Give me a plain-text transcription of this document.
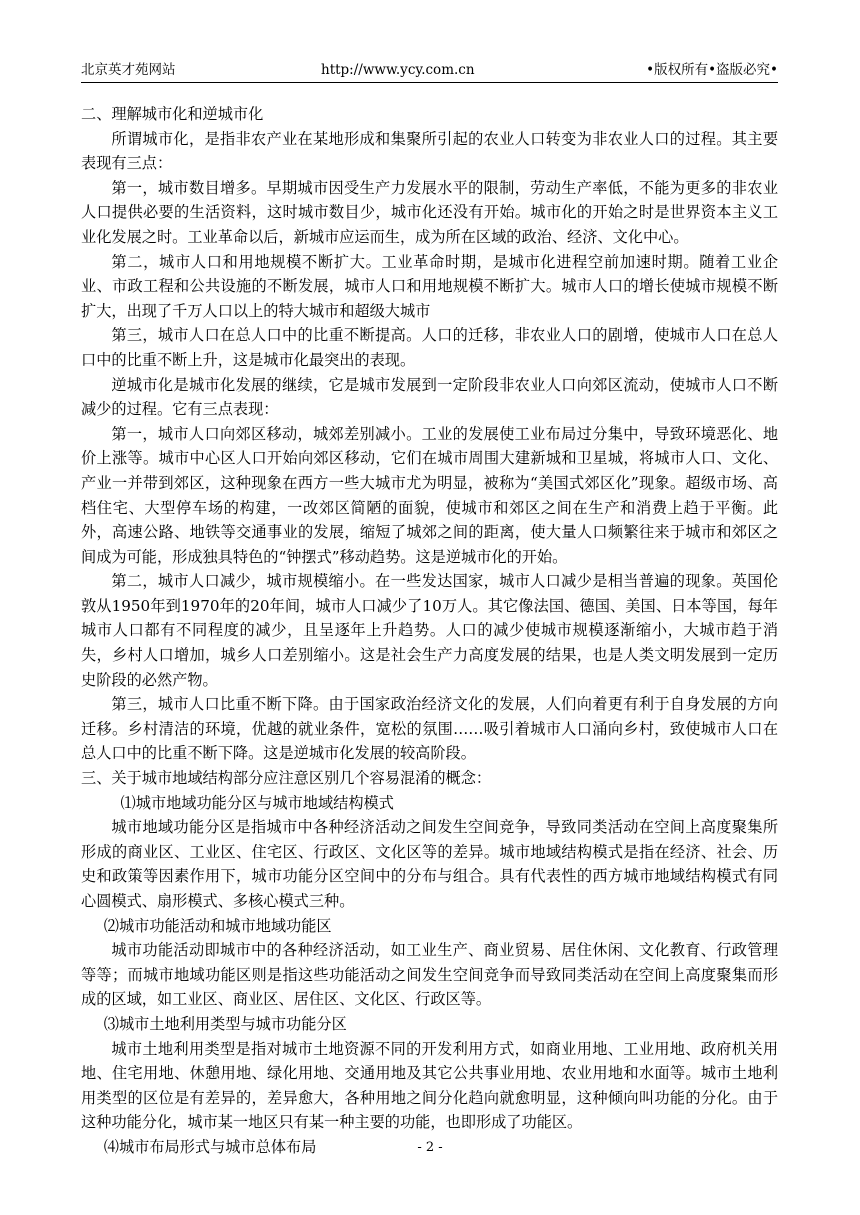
北京英才苑网站	http://www.ycy.com.cn	•版权所有•盗版必究•

二、理解城市化和逆城市化

所谓城市化，是指非农产业在某地形成和集聚所引起的农业人口转变为非农业人口的过程。其主要表现有三点：

第一，城市数目增多。早期城市因受生产力发展水平的限制，劳动生产率低，不能为更多的非农业人口提供必要的生活资料，这时城市数目少，城市化还没有开始。城市化的开始之时是世界资本主义工业化发展之时。工业革命以后，新城市应运而生，成为所在区域的政治、经济、文化中心。

第二，城市人口和用地规模不断扩大。工业革命时期，是城市化进程空前加速时期。随着工业企业、市政工程和公共设施的不断发展，城市人口和用地规模不断扩大。城市人口的增长使城市规模不断扩大，出现了千万人口以上的特大城市和超级大城市

第三，城市人口在总人口中的比重不断提高。人口的迁移，非农业人口的剧增，使城市人口在总人口中的比重不断上升，这是城市化最突出的表现。

逆城市化是城市化发展的继续，它是城市发展到一定阶段非农业人口向郊区流动，使城市人口不断减少的过程。它有三点表现：

第一，城市人口向郊区移动，城郊差别减小。工业的发展使工业布局过分集中，导致环境恶化、地价上涨等。城市中心区人口开始向郊区移动，它们在城市周围大建新城和卫星城，将城市人口、文化、产业一并带到郊区，这种现象在西方一些大城市尤为明显，被称为“美国式郊区化”现象。超级市场、高档住宅、大型停车场的构建，一改郊区简陋的面貌，使城市和郊区之间在生产和消费上趋于平衡。此外，高速公路、地铁等交通事业的发展，缩短了城郊之间的距离，使大量人口频繁往来于城市和郊区之间成为可能，形成独具特色的“钟摆式”移动趋势。这是逆城市化的开始。

第二，城市人口减少，城市规模缩小。在一些发达国家，城市人口减少是相当普遍的现象。英国伦敦从1950年到1970年的20年间，城市人口减少了10万人。其它像法国、德国、美国、日本等国，每年城市人口都有不同程度的减少，且呈逐年上升趋势。人口的减少使城市规模逐渐缩小，大城市趋于消失，乡村人口增加，城乡人口差别缩小。这是社会生产力高度发展的结果，也是人类文明发展到一定历史阶段的必然产物。

第三，城市人口比重不断下降。由于国家政治经济文化的发展，人们向着更有利于自身发展的方向迁移。乡村清洁的环境，优越的就业条件，宽松的氛围……吸引着城市人口涌向乡村，致使城市人口在总人口中的比重不断下降。这是逆城市化发展的较高阶段。

三、关于城市地域结构部分应注意区别几个容易混淆的概念：

⑴城市地域功能分区与城市地域结构模式

城市地域功能分区是指城市中各种经济活动之间发生空间竞争，导致同类活动在空间上高度聚集所形成的商业区、工业区、住宅区、行政区、文化区等的差异。城市地域结构模式是指在经济、社会、历史和政策等因素作用下，城市功能分区空间中的分布与组合。具有代表性的西方城市地域结构模式有同心圆模式、扇形模式、多核心模式三种。

⑵城市功能活动和城市地域功能区

城市功能活动即城市中的各种经济活动，如工业生产、商业贸易、居住休闲、文化教育、行政管理等等；而城市地域功能区则是指这些功能活动之间发生空间竞争而导致同类活动在空间上高度聚集而形成的区域，如工业区、商业区、居住区、文化区、行政区等。

⑶城市土地利用类型与城市功能分区

城市土地利用类型是指对城市土地资源不同的开发利用方式，如商业用地、工业用地、政府机关用地、住宅用地、休憩用地、绿化用地、交通用地及其它公共事业用地、农业用地和水面等。城市土地利用类型的区位是有差异的，差异愈大，各种用地之间分化趋向就愈明显，这种倾向叫功能的分化。由于这种功能分化，城市某一地区只有某一种主要的功能，也即形成了功能区。

⑷城市布局形式与城市总体布局	- 2 -
